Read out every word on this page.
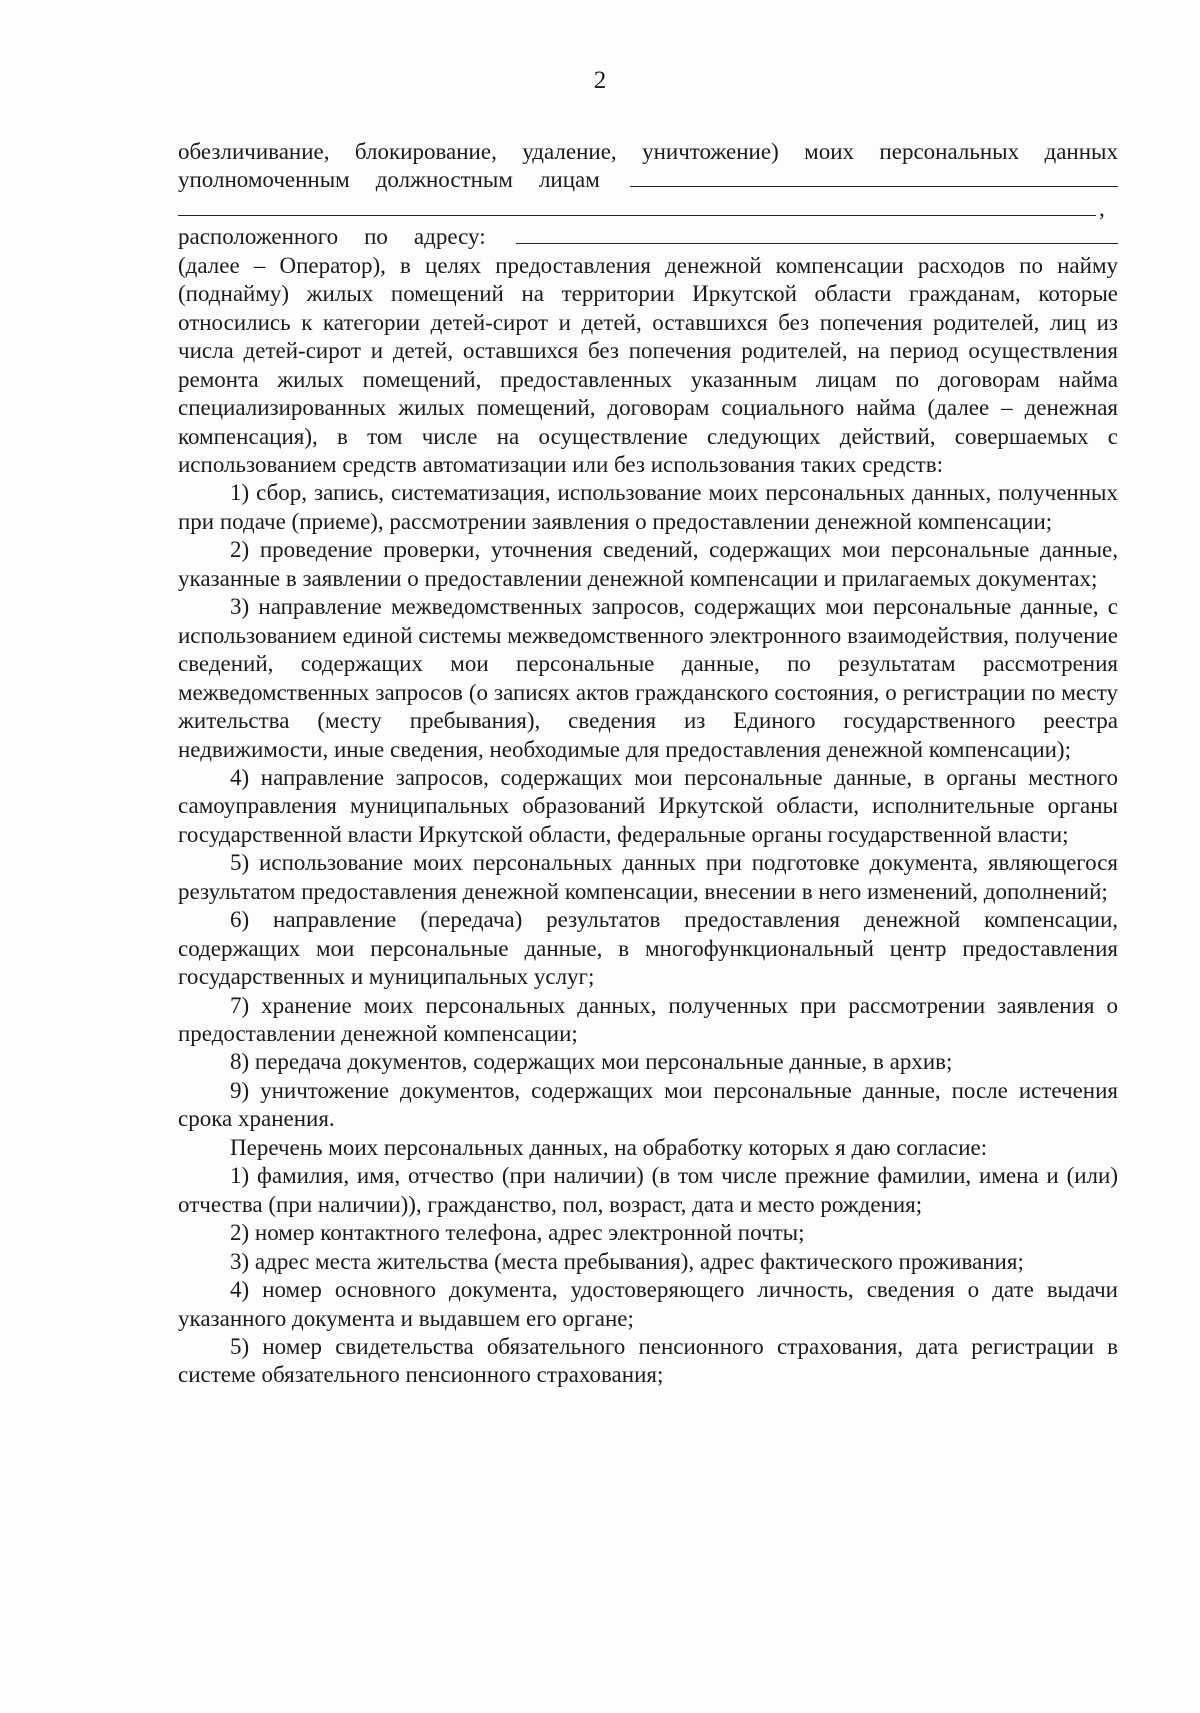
2
обезличивание, блокирование, удаление, уничтожение) моих персональных данных
уполномоченным должностным лицам
,
расположенного по адресу:
(далее – Оператор), в целях предоставления денежной компенсации расходов по найму (поднайму) жилых помещений на территории Иркутской области гражданам, которые относились к категории детей-сирот и детей, оставшихся без попечения родителей, лиц из числа детей-сирот и детей, оставшихся без попечения родителей, на период осуществления ремонта жилых помещений, предоставленных указанным лицам по договорам найма специализированных жилых помещений, договорам социального найма (далее – денежная компенсация), в том числе на осуществление следующих действий, совершаемых с использованием средств автоматизации или без использования таких средств:
1) сбор, запись, систематизация, использование моих персональных данных, полученных при подаче (приеме), рассмотрении заявления о предоставлении денежной компенсации;
2) проведение проверки, уточнения сведений, содержащих мои персональные данные, указанные в заявлении о предоставлении денежной компенсации и прилагаемых документах;
3) направление межведомственных запросов, содержащих мои персональные данные, с использованием единой системы межведомственного электронного взаимодействия, получение сведений, содержащих мои персональные данные, по результатам рассмотрения межведомственных запросов (о записях актов гражданского состояния, о регистрации по месту жительства (месту пребывания), сведения из Единого государственного реестра недвижимости, иные сведения, необходимые для предоставления денежной компенсации);
4) направление запросов, содержащих мои персональные данные, в органы местного самоуправления муниципальных образований Иркутской области, исполнительные органы государственной власти Иркутской области, федеральные органы государственной власти;
5) использование моих персональных данных при подготовке документа, являющегося результатом предоставления денежной компенсации, внесении в него изменений, дополнений;
6) направление (передача) результатов предоставления денежной компенсации, содержащих мои персональные данные, в многофункциональный центр предоставления государственных и муниципальных услуг;
7) хранение моих персональных данных, полученных при рассмотрении заявления о предоставлении денежной компенсации;
8) передача документов, содержащих мои персональные данные, в архив;
9) уничтожение документов, содержащих мои персональные данные, после истечения срока хранения.
Перечень моих персональных данных, на обработку которых я даю согласие:
1) фамилия, имя, отчество (при наличии) (в том числе прежние фамилии, имена и (или) отчества (при наличии)), гражданство, пол, возраст, дата и место рождения;
2) номер контактного телефона, адрес электронной почты;
3) адрес места жительства (места пребывания), адрес фактического проживания;
4) номер основного документа, удостоверяющего личность, сведения о дате выдачи указанного документа и выдавшем его органе;
5) номер свидетельства обязательного пенсионного страхования, дата регистрации в системе обязательного пенсионного страхования;
